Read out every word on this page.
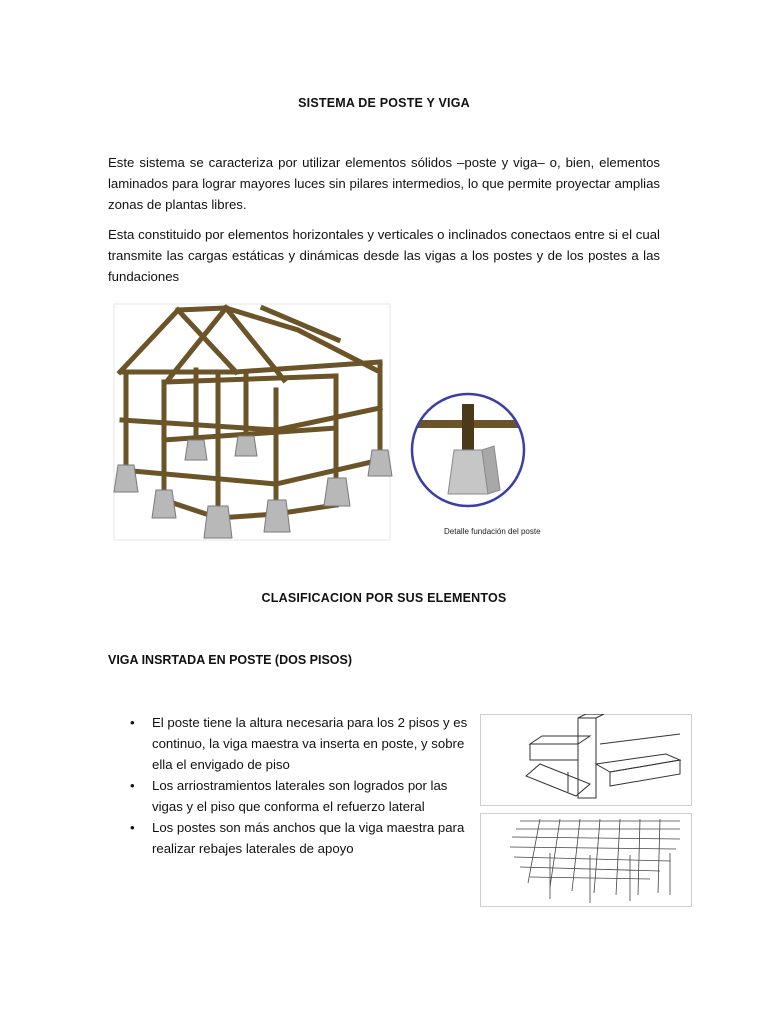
SISTEMA DE POSTE Y VIGA

Este sistema se caracteriza por utilizar elementos sólidos –poste y viga– o, bien, elementos laminados para lograr mayores luces sin pilares intermedios, lo que permite proyectar amplias zonas de plantas libres.

Esta constituido por elementos horizontales y verticales o inclinados conectaos entre si el cual transmite las cargas estáticas y dinámicas desde las vigas a los postes y de los postes a las fundaciones

Detalle fundación del poste
CLASIFICACION POR SUS ELEMENTOS
VIGA INSRTADA EN POSTE (DOS PISOS)
• El poste tiene la altura necesaria para los 2 pisos y es continuo, la viga maestra va inserta en poste, y sobre ella el envigado de piso
• Los arriostramientos laterales son logrados por las vigas y el piso que conforma el refuerzo lateral
• Los postes son más anchos que la viga maestra para realizar rebajes laterales de apoyo
